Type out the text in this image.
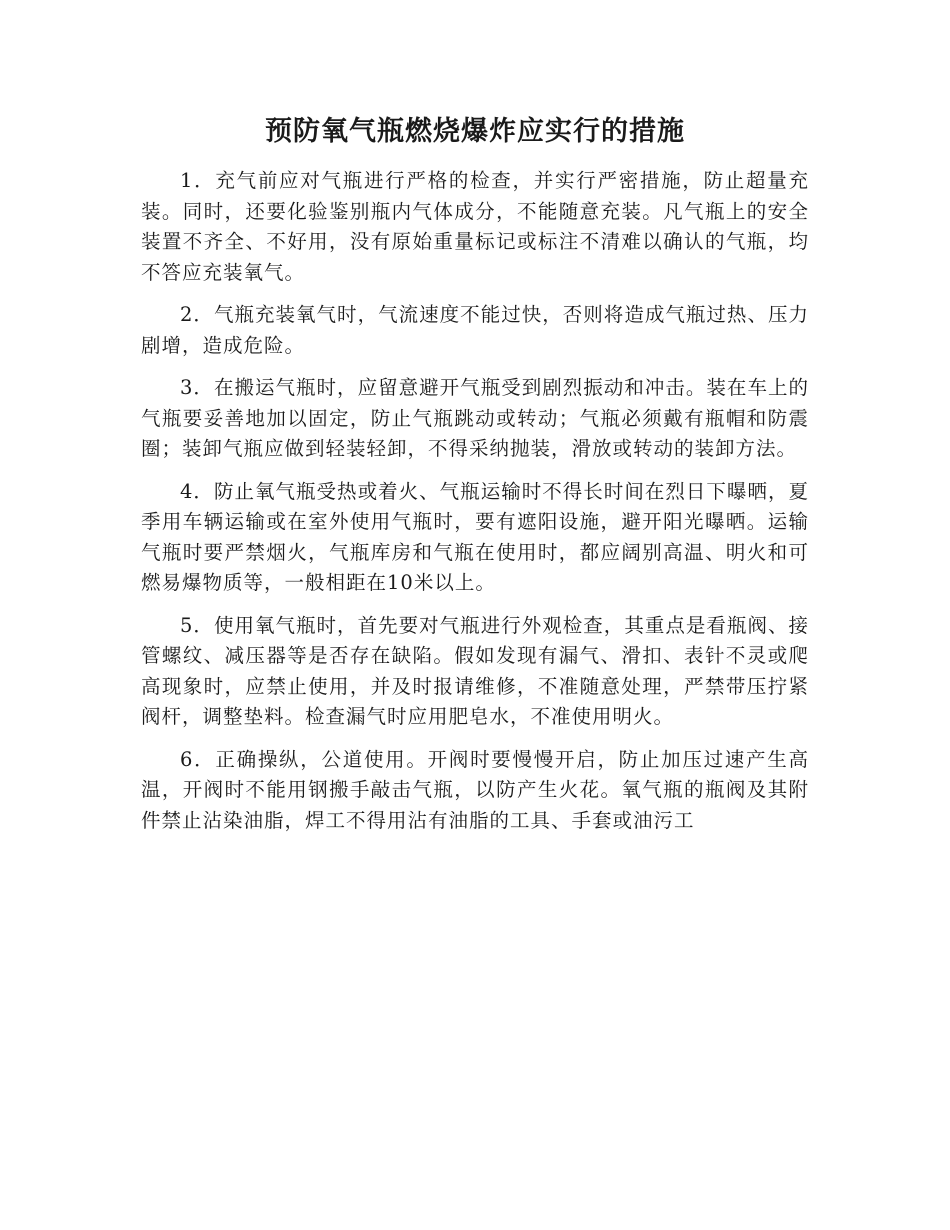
预防氧气瓶燃烧爆炸应实行的措施

1．充气前应对气瓶进行严格的检查，并实行严密措施，防止超量充装。同时，还要化验鉴别瓶内气体成分，不能随意充装。凡气瓶上的安全装置不齐全、不好用，没有原始重量标记或标注不清难以确认的气瓶，均不答应充装氧气。

2．气瓶充装氧气时，气流速度不能过快，否则将造成气瓶过热、压力剧增，造成危险。

3．在搬运气瓶时，应留意避开气瓶受到剧烈振动和冲击。装在车上的气瓶要妥善地加以固定，防止气瓶跳动或转动；气瓶必须戴有瓶帽和防震圈；装卸气瓶应做到轻装轻卸，不得采纳抛装，滑放或转动的装卸方法。

4．防止氧气瓶受热或着火、气瓶运输时不得长时间在烈日下曝晒，夏季用车辆运输或在室外使用气瓶时，要有遮阳设施，避开阳光曝晒。运输气瓶时要严禁烟火，气瓶库房和气瓶在使用时，都应阔别高温、明火和可燃易爆物质等，一般相距在10米以上。

5．使用氧气瓶时，首先要对气瓶进行外观检查，其重点是看瓶阀、接管螺纹、减压器等是否存在缺陷。假如发现有漏气、滑扣、表针不灵或爬高现象时，应禁止使用，并及时报请维修，不准随意处理，严禁带压拧紧阀杆，调整垫料。检查漏气时应用肥皂水，不准使用明火。

6．正确操纵，公道使用。开阀时要慢慢开启，防止加压过速产生高温，开阀时不能用钢搬手敲击气瓶，以防产生火花。氧气瓶的瓶阀及其附件禁止沾染油脂，焊工不得用沾有油脂的工具、手套或油污工
